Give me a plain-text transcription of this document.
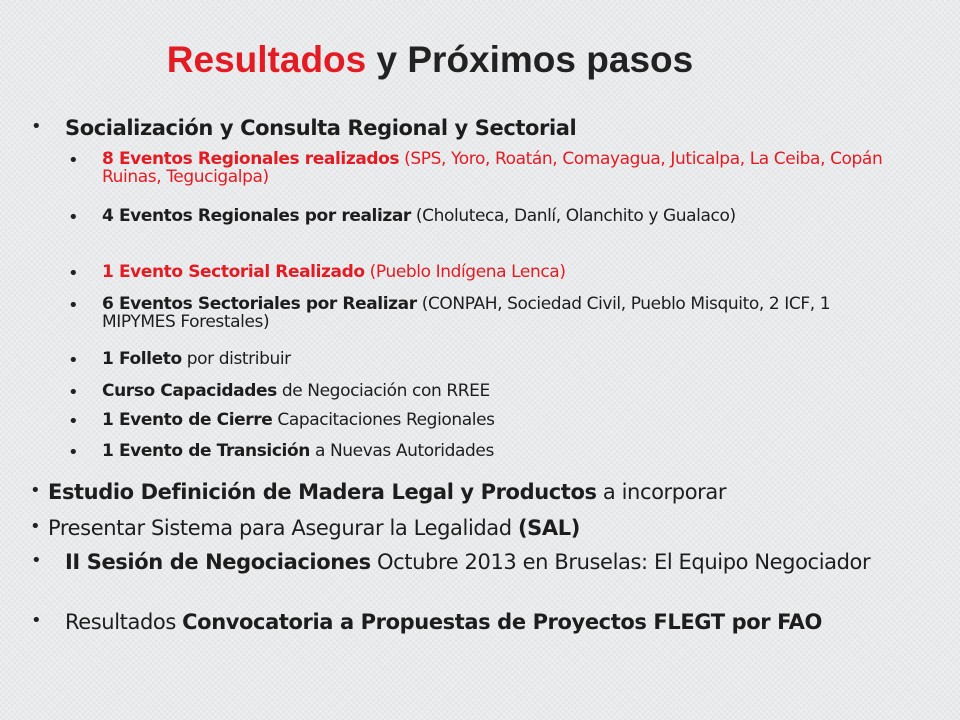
Resultados y Próximos pasos
• Socialización y Consulta Regional y Sectorial
• 8 Eventos Regionales realizados (SPS, Yoro, Roatán, Comayagua, Juticalpa, La Ceiba, Copán Ruinas, Tegucigalpa)
• 4 Eventos Regionales por realizar (Choluteca, Danlí, Olanchito y Gualaco)
• 1 Evento Sectorial Realizado (Pueblo Indígena Lenca)
• 6 Eventos Sectoriales por Realizar (CONPAH, Sociedad Civil, Pueblo Misquito, 2 ICF, 1 MIPYMES Forestales)
• 1 Folleto por distribuir
• Curso Capacidades de Negociación con RREE
• 1 Evento de Cierre Capacitaciones Regionales
• 1 Evento de Transición a Nuevas Autoridades
• Estudio Definición de Madera Legal y Productos a incorporar
• Presentar Sistema para Asegurar la Legalidad (SAL)
• II Sesión de Negociaciones Octubre 2013 en Bruselas: El Equipo Negociador
• Resultados Convocatoria a Propuestas de Proyectos FLEGT por FAO
